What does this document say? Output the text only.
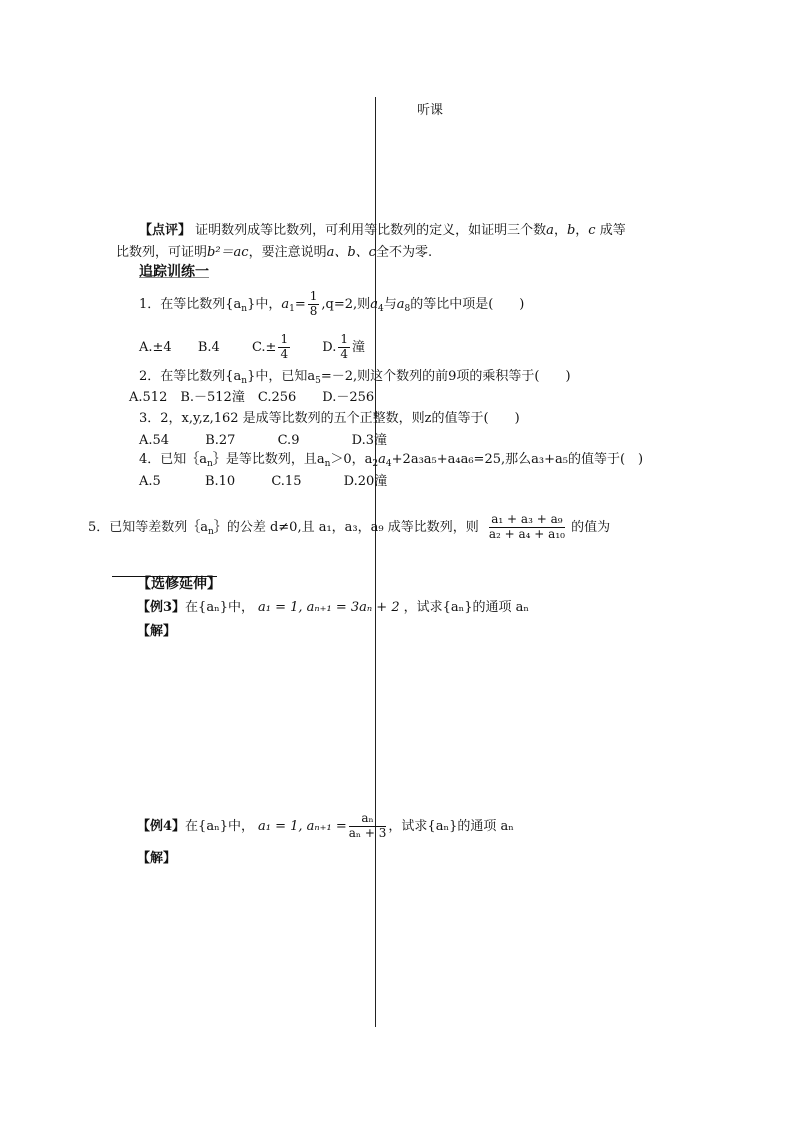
听课
【点评】 证明数列成等比数列，可利用等比数列的定义，如证明三个数a，b，c 成等
比数列，可证明b²＝ac，要注意说明a、b、c全不为零.
追踪训练一
1．在等比数列$\{a_n\}$中，$a_1= \frac{1}{8} ,q=2$,则$a_4$与$a_8$的等比中项是(　　)
A.±4 B.4 $C.\pm \frac{1}{4} D$. $\frac{1}{4}$ 潼
2．在等比数列$\{a_n\}$中，已知$a_5=-2$,则这个数列的前9项的乘积等于(　　)
A.512　B.－512潼　C.256　　D.－256
3．2，x,y,z,162 是成等比数列的五个正整数，则z的值等于(　　)
A.54	B.27	C.9	D.3潼
4．已知$\{a_n\}$是等比数列，且$a_n>0$，$a_2a_4+2a_3a_5+a_4a_6=25$,那么a₃+a₅的值等于(　)
A.5	B.10	C.15	D.20潼
5．已知等差数列$\{a_n\}$的公差 d≠0,且 a₁，a₃，a₉ 成等比数列，则 $\frac{\text{a₁ + a₃ + a₉}}{\text{a₂ + a₄ + a₁₀}}$ 的值为
【选修延伸】
【例3】在{aₙ}中， a₁ = 1, aₙ₊₁ = 3aₙ + 2 ，试求{aₙ}的通项 aₙ
【解】
【例4】在{aₙ}中， a₁ = 1, $a_{n+1} = \frac{\text{aₙ}}{\text{aₙ + 3}}$ ，试求{aₙ}的通项 aₙ
【解】
